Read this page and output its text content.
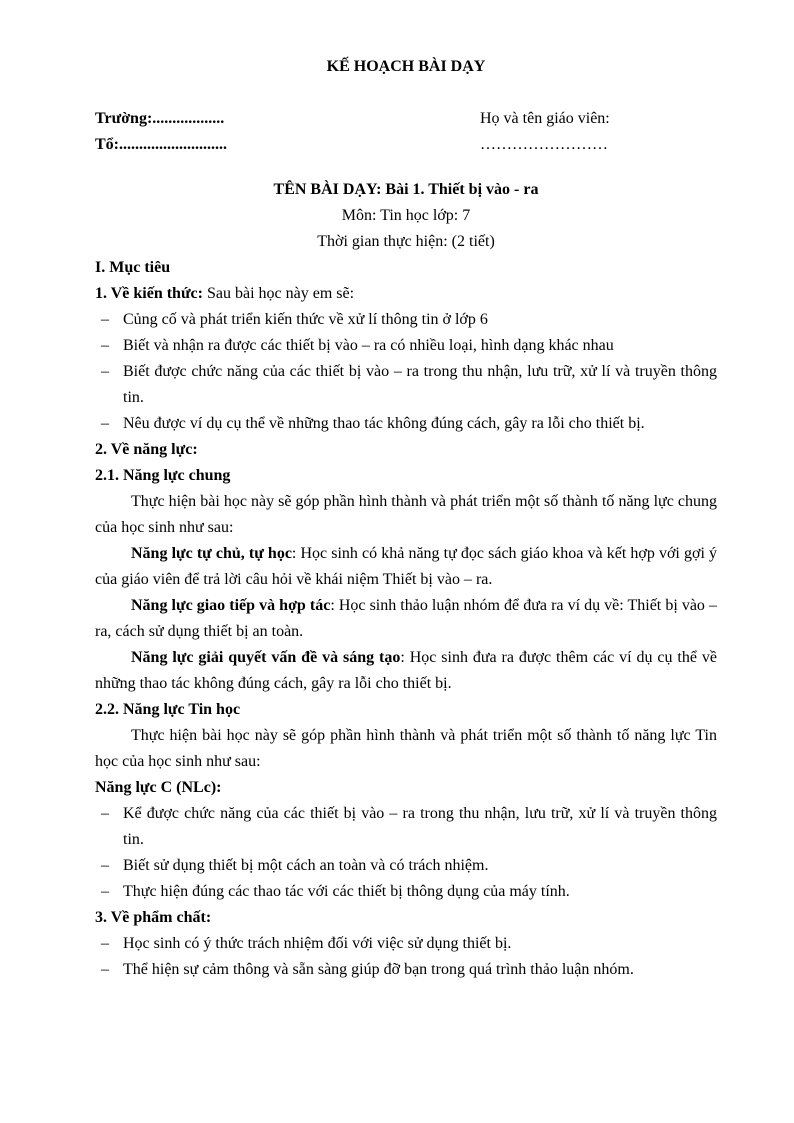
KẾ HOẠCH BÀI DẠY
Trường:..................	Họ và tên giáo viên:
Tổ:...........................	……………………
TÊN BÀI DẠY: Bài 1. Thiết bị vào - ra
Môn: Tin học lớp: 7
Thời gian thực hiện: (2 tiết)
I. Mục tiêu
1. Về kiến thức: Sau bài học này em sẽ:
– Củng cố và phát triển kiến thức về xử lí thông tin ở lớp 6
– Biết và nhận ra được các thiết bị vào – ra có nhiều loại, hình dạng khác nhau
– Biết được chức năng của các thiết bị vào – ra trong thu nhận, lưu trữ, xử lí và truyền thông tin.
– Nêu được ví dụ cụ thể về những thao tác không đúng cách, gây ra lỗi cho thiết bị.
2. Về năng lực:
2.1. Năng lực chung
Thực hiện bài học này sẽ góp phần hình thành và phát triển một số thành tố năng lực chung của học sinh như sau:
Năng lực tự chủ, tự học: Học sinh có khả năng tự đọc sách giáo khoa và kết hợp với gợi ý của giáo viên để trả lời câu hỏi về khái niệm Thiết bị vào – ra.
Năng lực giao tiếp và hợp tác: Học sinh thảo luận nhóm để đưa ra ví dụ về: Thiết bị vào – ra, cách sử dụng thiết bị an toàn.
Năng lực giải quyết vấn đề và sáng tạo: Học sinh đưa ra được thêm các ví dụ cụ thể về những thao tác không đúng cách, gây ra lỗi cho thiết bị.
2.2. Năng lực Tin học
Thực hiện bài học này sẽ góp phần hình thành và phát triển một số thành tố năng lực Tin học của học sinh như sau:
Năng lực C (NLc):
– Kể được chức năng của các thiết bị vào – ra trong thu nhận, lưu trữ, xử lí và truyền thông tin.
– Biết sử dụng thiết bị một cách an toàn và có trách nhiệm.
– Thực hiện đúng các thao tác với các thiết bị thông dụng của máy tính.
3. Về phẩm chất:
– Học sinh có ý thức trách nhiệm đối với việc sử dụng thiết bị.
– Thể hiện sự cảm thông và sẵn sàng giúp đỡ bạn trong quá trình thảo luận nhóm.
